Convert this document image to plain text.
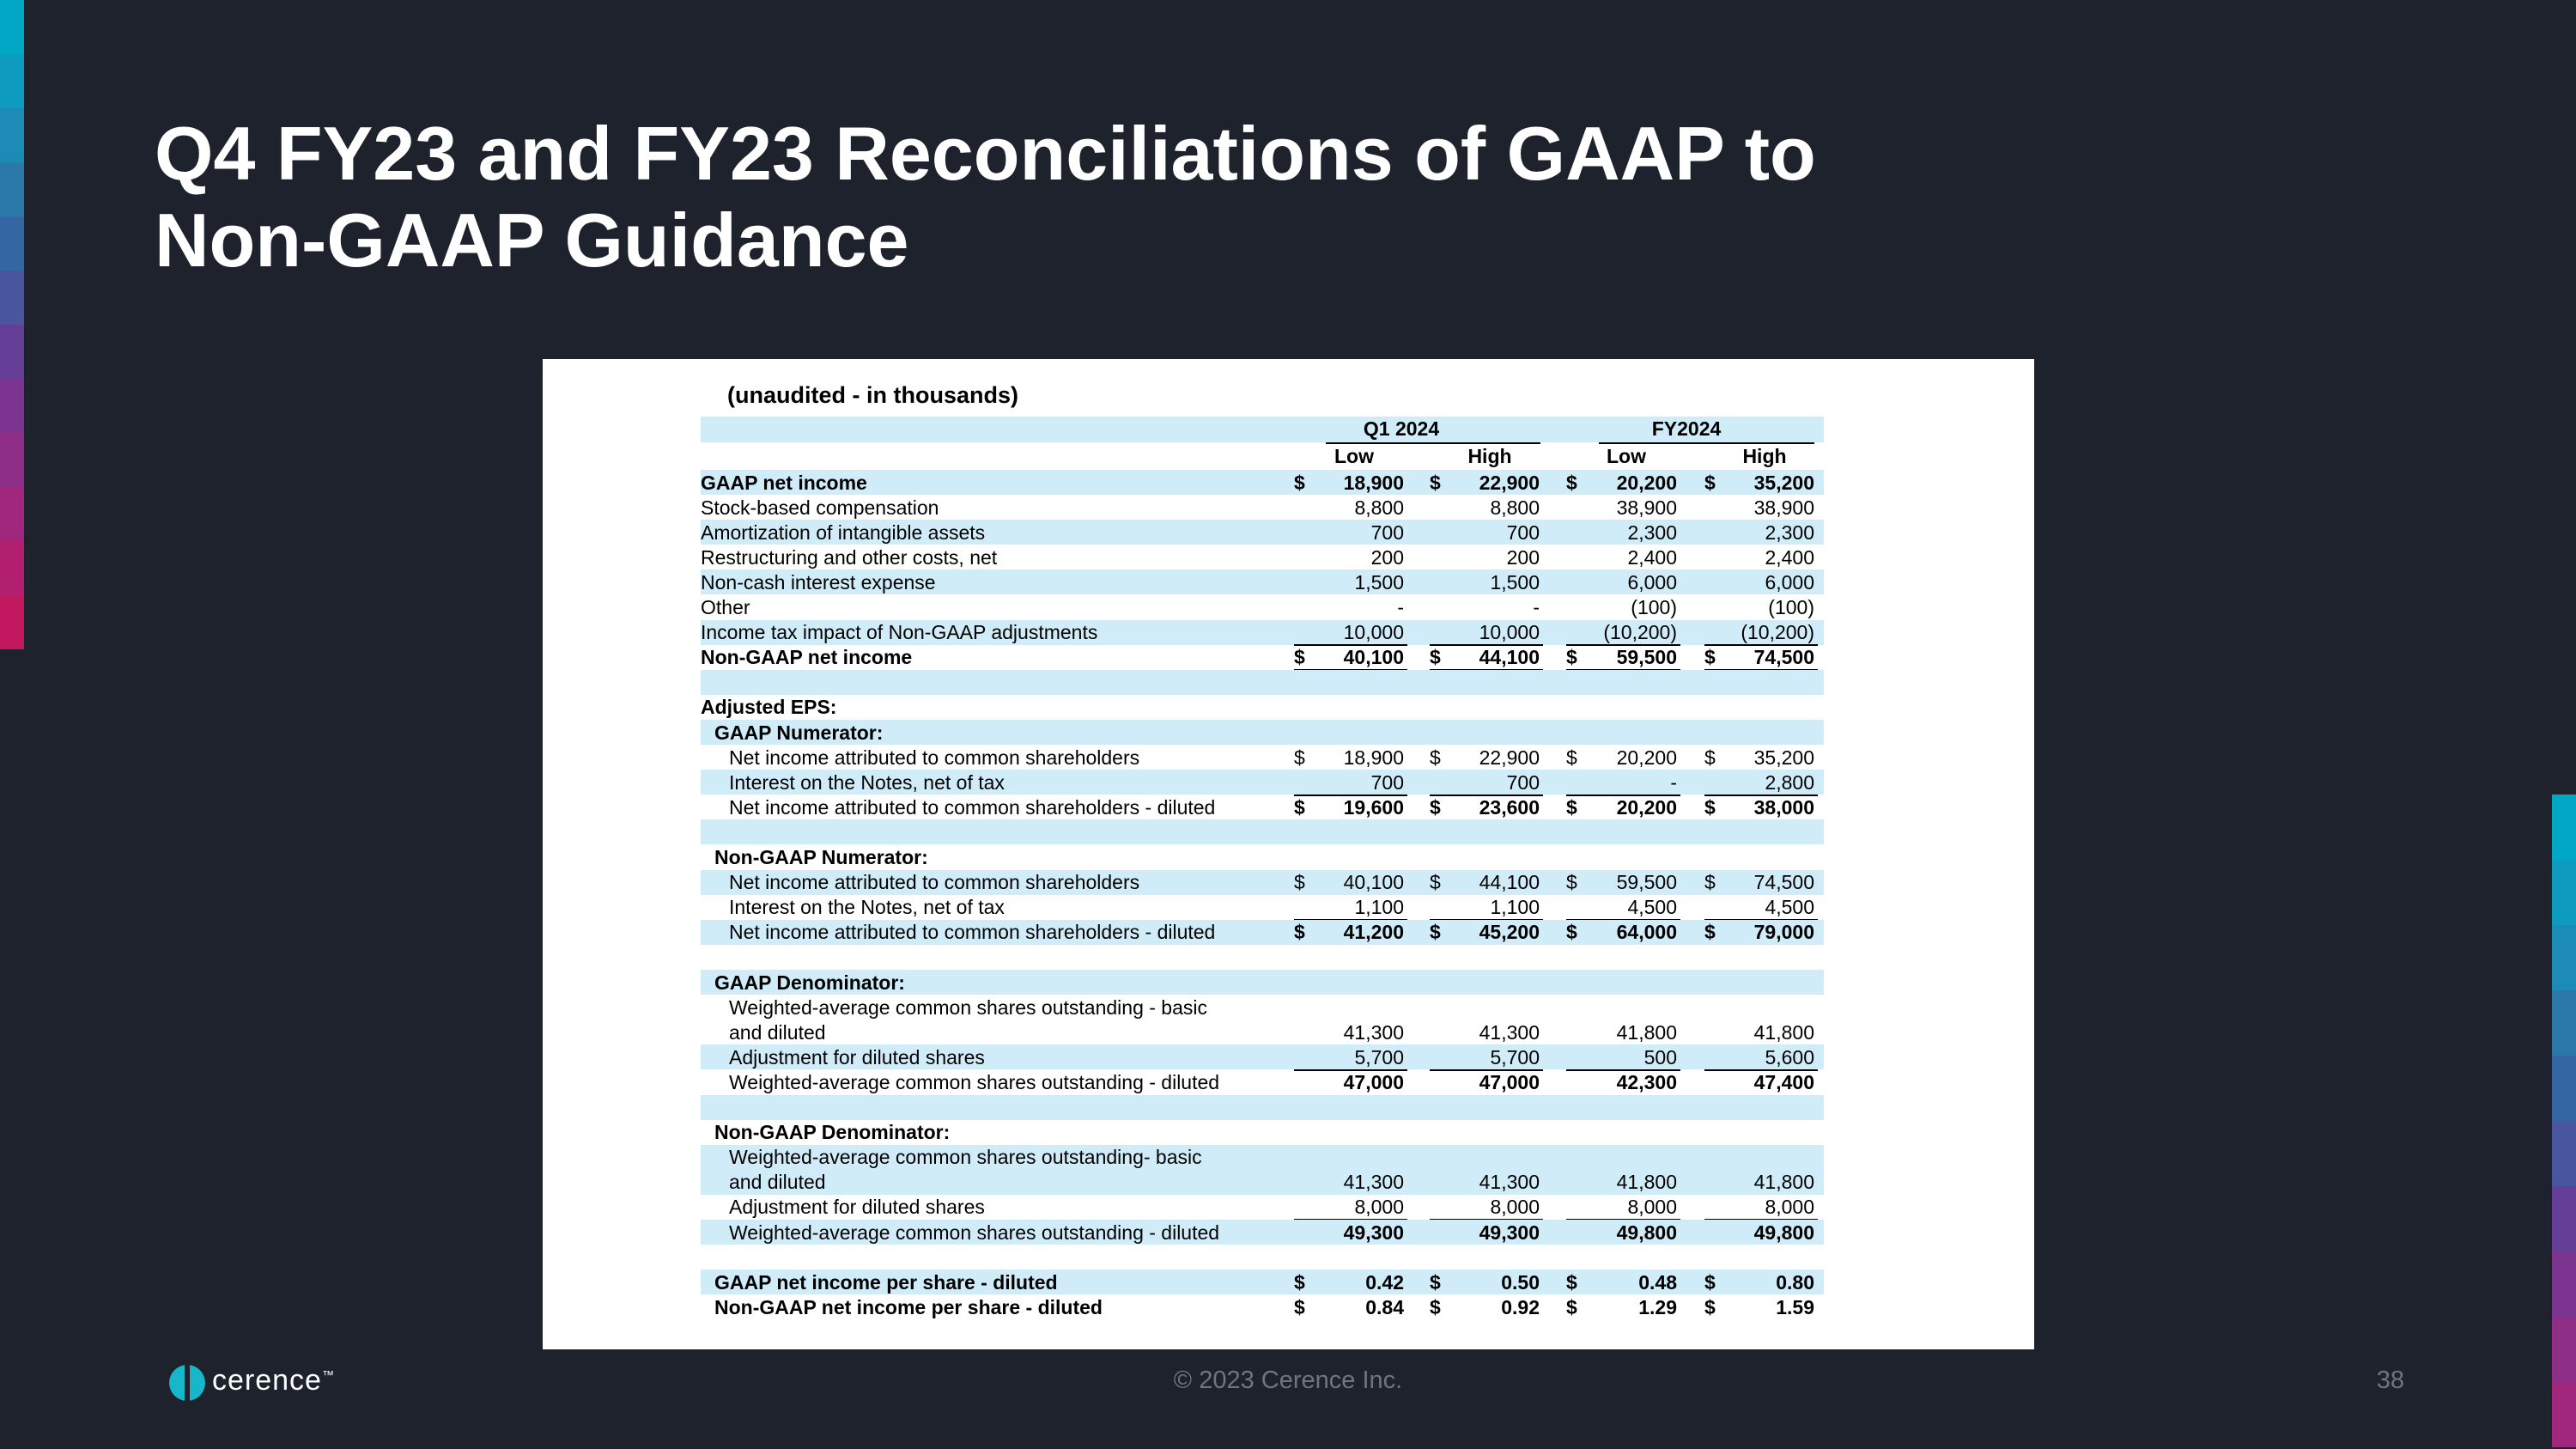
Q4 FY23 and FY23 Reconciliations of GAAP to
Non-GAAP Guidance
(unaudited - in thousands)
Q1 2024	FY2024
Low	High	Low	High
GAAP net income	$	18,900 $	22,900 $	20,200 $	35,200
Stock-based compensation	8,800	8,800	38,900	38,900
Amortization of intangible assets	700	700	2,300	2,300
Restructuring and other costs, net	200	200	2,400	2,400
Non-cash interest expense	1,500	1,500	6,000	6,000
Other	-	-	(100)	(100)
Income tax impact of Non-GAAP adjustments	10,000	10,000	(10,200)	(10,200)
Non-GAAP net income	$	40,100 $	44,100 $	59,500 $	74,500
Adjusted EPS:
GAAP Numerator:
Net income attributed to common shareholders	$	18,900 $	22,900 $	20,200 $	35,200
Interest on the Notes, net of tax	700	700	-	2,800
Net income attributed to common shareholders - diluted	$	19,600 $	23,600 $	20,200 $	38,000
Non-GAAP Numerator:
Net income attributed to common shareholders	$	40,100 $	44,100 $	59,500 $	74,500
Interest on the Notes, net of tax	1,100	1,100	4,500	4,500
Net income attributed to common shareholders - diluted	$	41,200 $	45,200 $	64,000 $	79,000
GAAP Denominator:
Weighted-average common shares outstanding - basic
and diluted	41,300	41,300	41,800	41,800
Adjustment for diluted shares	5,700	5,700	500	5,600
Weighted-average common shares outstanding - diluted	47,000	47,000	42,300	47,400
Non-GAAP Denominator:
Weighted-average common shares outstanding- basic
and diluted	41,300	41,300	41,800	41,800
Adjustment for diluted shares	8,000	8,000	8,000	8,000
Weighted-average common shares outstanding - diluted	49,300	49,300	49,800	49,800
GAAP net income per share - diluted	$	0.42 $	0.50 $	0.48 $	0.80
Non-GAAP net income per share - diluted	$	0.84 $	0.92 $	1.29 $	1.59
cerence™	© 2023 Cerence Inc.	38
